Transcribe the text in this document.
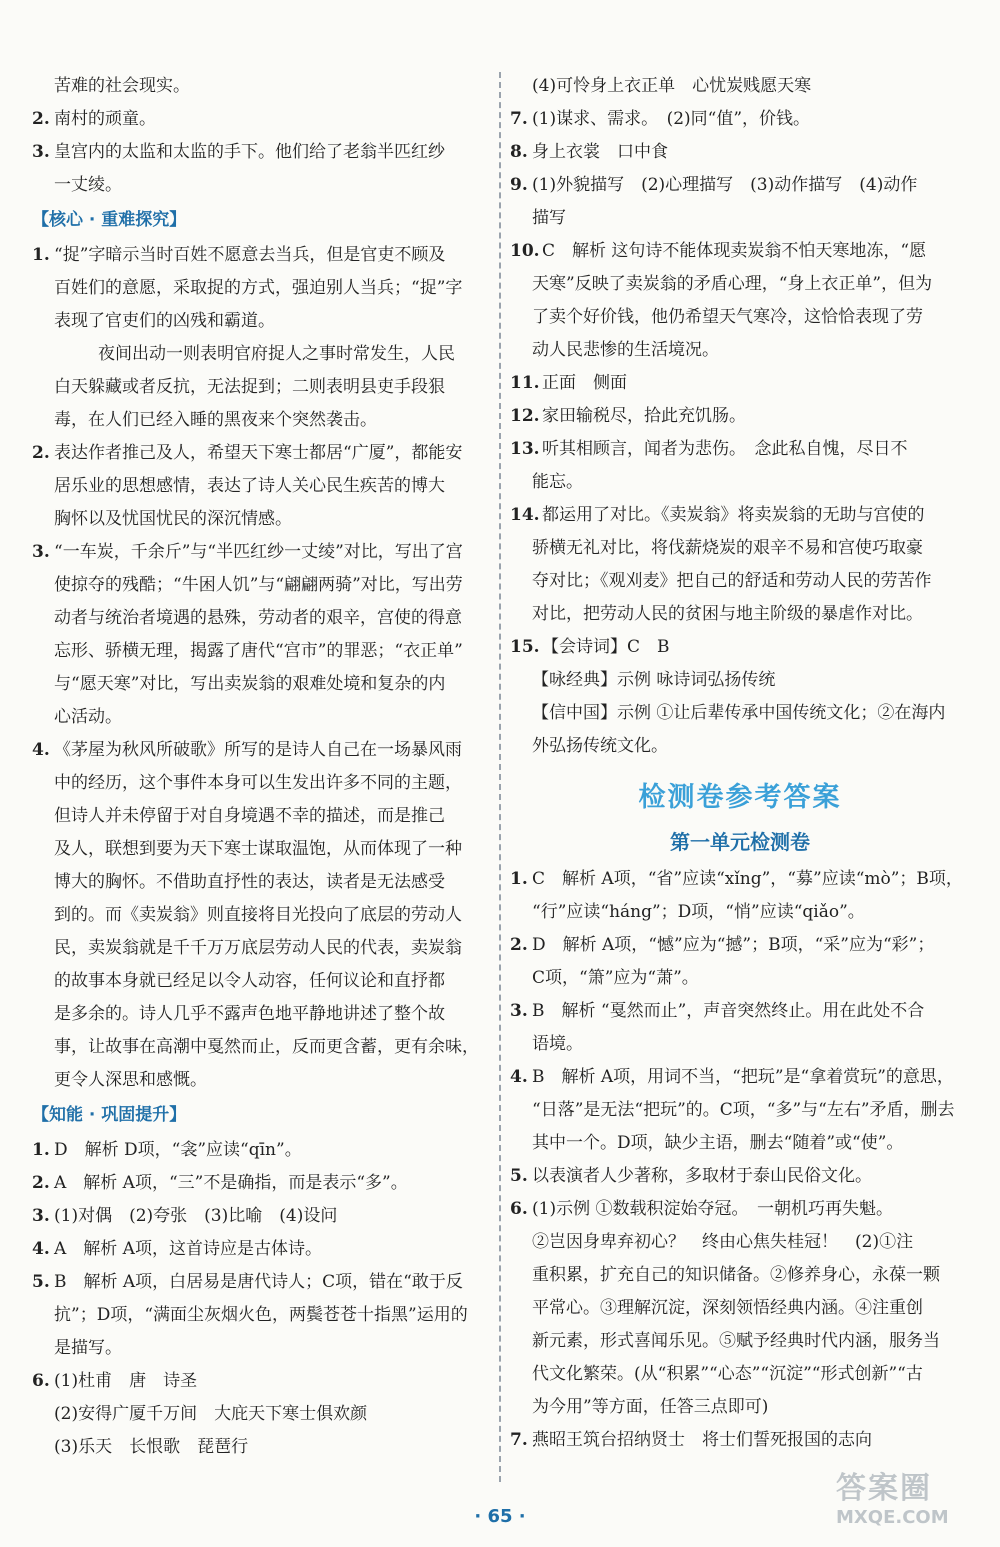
苦难的社会现实。
2. 南村的顽童。
3. 皇宫内的太监和太监的手下。他们给了老翁半匹红纱
一丈绫。
【核心 · 重难探究】
1. “捉”字暗示当时百姓不愿意去当兵，但是官吏不顾及
百姓们的意愿，采取捉的方式，强迫别人当兵；“捉”字
表现了官吏们的凶残和霸道。
夜间出动一则表明官府捉人之事时常发生，人民
白天躲藏或者反抗，无法捉到；二则表明县吏手段狠
毒，在人们已经入睡的黑夜来个突然袭击。
2. 表达作者推己及人，希望天下寒士都居“广厦”，都能安
居乐业的思想感情，表达了诗人关心民生疾苦的博大
胸怀以及忧国忧民的深沉情感。
3. “一车炭，千余斤”与“半匹红纱一丈绫”对比，写出了宫
使掠夺的残酷；“牛困人饥”与“翩翩两骑”对比，写出劳
动者与统治者境遇的悬殊，劳动者的艰辛，宫使的得意
忘形、骄横无理，揭露了唐代“宫市”的罪恶；“衣正单”
与“愿天寒”对比，写出卖炭翁的艰难处境和复杂的内
心活动。
4. 《茅屋为秋风所破歌》所写的是诗人自己在一场暴风雨
中的经历，这个事件本身可以生发出许多不同的主题，
但诗人并未停留于对自身境遇不幸的描述，而是推己
及人，联想到要为天下寒士谋取温饱，从而体现了一种
博大的胸怀。不借助直抒性的表达，读者是无法感受
到的。而《卖炭翁》则直接将目光投向了底层的劳动人
民，卖炭翁就是千千万万底层劳动人民的代表，卖炭翁
的故事本身就已经足以令人动容，任何议论和直抒都
是多余的。诗人几乎不露声色地平静地讲述了整个故
事，让故事在高潮中戛然而止，反而更含蓄，更有余味，
更令人深思和感慨。
【知能 · 巩固提升】
1. D　解析 D项，“衾”应读“qīn”。
2. A　解析 A项，“三”不是确指，而是表示“多”。
3. (1)对偶　(2)夸张　(3)比喻　(4)设问
4. A　解析 A项，这首诗应是古体诗。
5. B　解析 A项，白居易是唐代诗人；C项，错在“敢于反
抗”；D项，“满面尘灰烟火色，两鬓苍苍十指黑”运用的
是描写。
6. (1)杜甫　唐　诗圣
(2)安得广厦千万间　大庇天下寒士俱欢颜
(3)乐天　长恨歌　琵琶行
(4)可怜身上衣正单　心忧炭贱愿天寒
7. (1)谋求、需求。　(2)同“值”，价钱。
8. 身上衣裳　口中食
9. (1)外貌描写　(2)心理描写　(3)动作描写　(4)动作
描写
10. C　解析 这句诗不能体现卖炭翁不怕天寒地冻，“愿
天寒”反映了卖炭翁的矛盾心理，“身上衣正单”，但为
了卖个好价钱，他仍希望天气寒冷，这恰恰表现了劳
动人民悲惨的生活境况。
11. 正面　侧面
12. 家田输税尽，拾此充饥肠。
13. 听其相顾言，闻者为悲伤。　念此私自愧，尽日不
能忘。
14. 都运用了对比。《卖炭翁》将卖炭翁的无助与宫使的
骄横无礼对比，将伐薪烧炭的艰辛不易和宫使巧取豪
夺对比；《观刈麦》把自己的舒适和劳动人民的劳苦作
对比，把劳动人民的贫困与地主阶级的暴虐作对比。
15. 【会诗词】C　B
【咏经典】示例 咏诗词弘扬传统
【信中国】示例 ①让后辈传承中国传统文化；②在海内
外弘扬传统文化。
检测卷参考答案
第一单元检测卷
1. C　解析 A项，“省”应读“xǐng”，“募”应读“mò”；B项，
“行”应读“háng”；D项，“悄”应读“qiǎo”。
2. D　解析 A项，“憾”应为“撼”；B项，“采”应为“彩”；
C项，“箫”应为“萧”。
3. B　解析 “戛然而止”，声音突然终止。用在此处不合
语境。
4. B　解析 A项，用词不当，“把玩”是“拿着赏玩”的意思，
“日落”是无法“把玩”的。C项，“多”与“左右”矛盾，删去
其中一个。D项，缺少主语，删去“随着”或“使”。
5. 以表演者人少著称，多取材于泰山民俗文化。
6. (1)示例 ①数载积淀始夺冠。　一朝机巧再失魁。
②岂因身卑弃初心？　终由心焦失桂冠！　(2)①注
重积累，扩充自己的知识储备。②修养身心，永葆一颗
平常心。③理解沉淀，深刻领悟经典内涵。④注重创
新元素，形式喜闻乐见。⑤赋予经典时代内涵，服务当
代文化繁荣。(从“积累”“心态”“沉淀”“形式创新”“古
为今用”等方面，任答三点即可)
7. 燕昭王筑台招纳贤士　将士们誓死报国的志向
· 65 ·
答案圈
MXQE.COM
